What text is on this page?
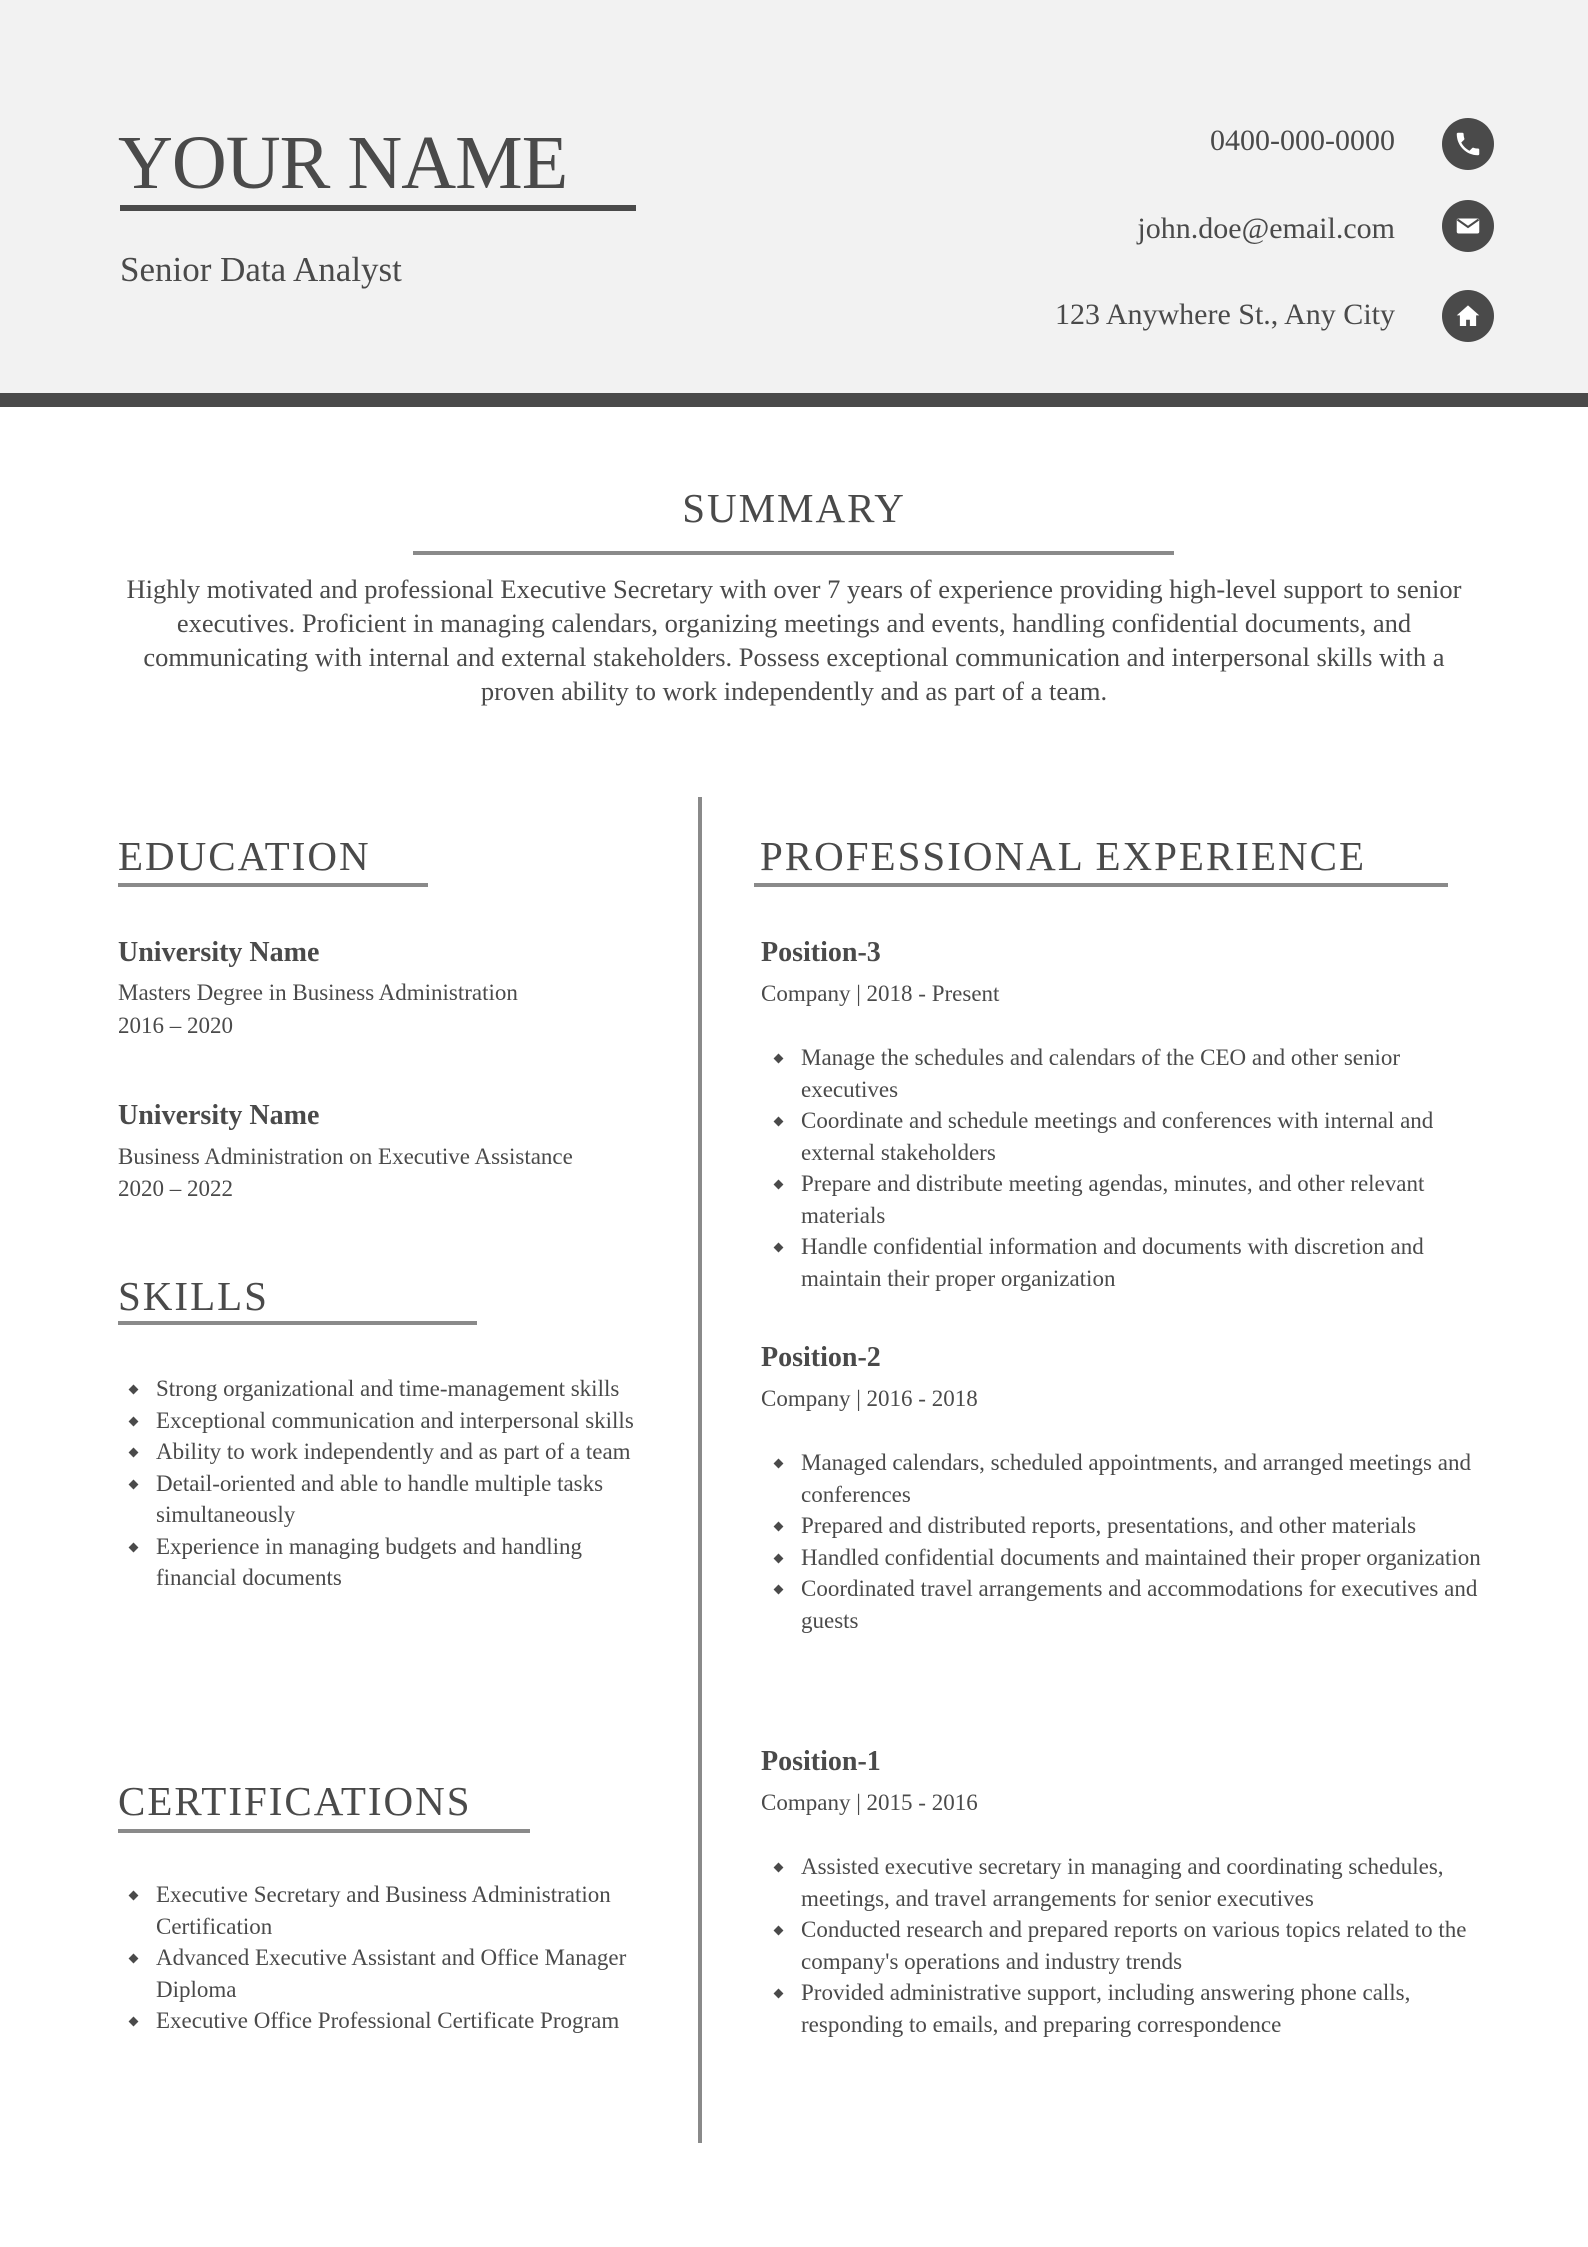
YOUR NAME
Senior Data Analyst
0400-000-0000
john.doe@email.com
123 Anywhere St., Any City
SUMMARY
Highly motivated and professional Executive Secretary with over 7 years of experience providing high-level support to senior executives. Proficient in managing calendars, organizing meetings and events, handling confidential documents, and communicating with internal and external stakeholders. Possess exceptional communication and interpersonal skills with a proven ability to work independently and as part of a team.
EDUCATION
University Name
Masters Degree in Business Administration
2016 – 2020
University Name
Business Administration on Executive Assistance
2020 – 2022
SKILLS
Strong organizational and time-management skills
Exceptional communication and interpersonal skills
Ability to work independently and as part of a team
Detail-oriented and able to handle multiple tasks simultaneously
Experience in managing budgets and handling financial documents
CERTIFICATIONS
Executive Secretary and Business Administration Certification
Advanced Executive Assistant and Office Manager Diploma
Executive Office Professional Certificate Program
PROFESSIONAL EXPERIENCE
Position-3
Company | 2018 - Present
Manage the schedules and calendars of the CEO and other senior executives
Coordinate and schedule meetings and conferences with internal and external stakeholders
Prepare and distribute meeting agendas, minutes, and other relevant materials
Handle confidential information and documents with discretion and maintain their proper organization
Position-2
Company | 2016 - 2018
Managed calendars, scheduled appointments, and arranged meetings and conferences
Prepared and distributed reports, presentations, and other materials
Handled confidential documents and maintained their proper organization
Coordinated travel arrangements and accommodations for executives and guests
Position-1
Company | 2015 - 2016
Assisted executive secretary in managing and coordinating schedules, meetings, and travel arrangements for senior executives
Conducted research and prepared reports on various topics related to the company's operations and industry trends
Provided administrative support, including answering phone calls, responding to emails, and preparing correspondence
